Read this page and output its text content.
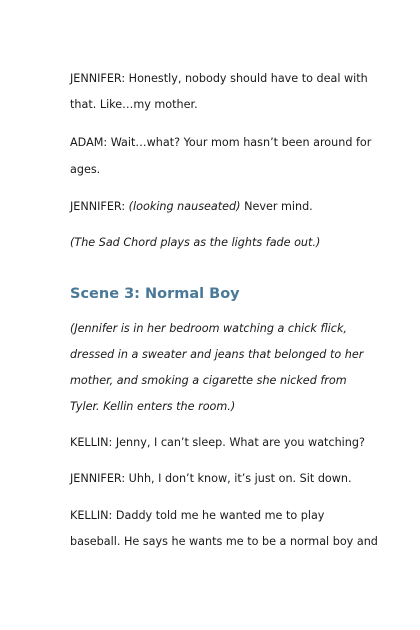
JENNIFER: Honestly, nobody should have to deal with
that. Like…my mother.
ADAM: Wait…what? Your mom hasn’t been around for
ages.
JENNIFER: (looking nauseated) Never mind.
(The Sad Chord plays as the lights fade out.)
Scene 3: Normal Boy
(Jennifer is in her bedroom watching a chick flick,
dressed in a sweater and jeans that belonged to her
mother, and smoking a cigarette she nicked from
Tyler. Kellin enters the room.)
KELLIN: Jenny, I can’t sleep. What are you watching?
JENNIFER: Uhh, I don’t know, it’s just on. Sit down.
KELLIN: Daddy told me he wanted me to play
baseball. He says he wants me to be a normal boy and
